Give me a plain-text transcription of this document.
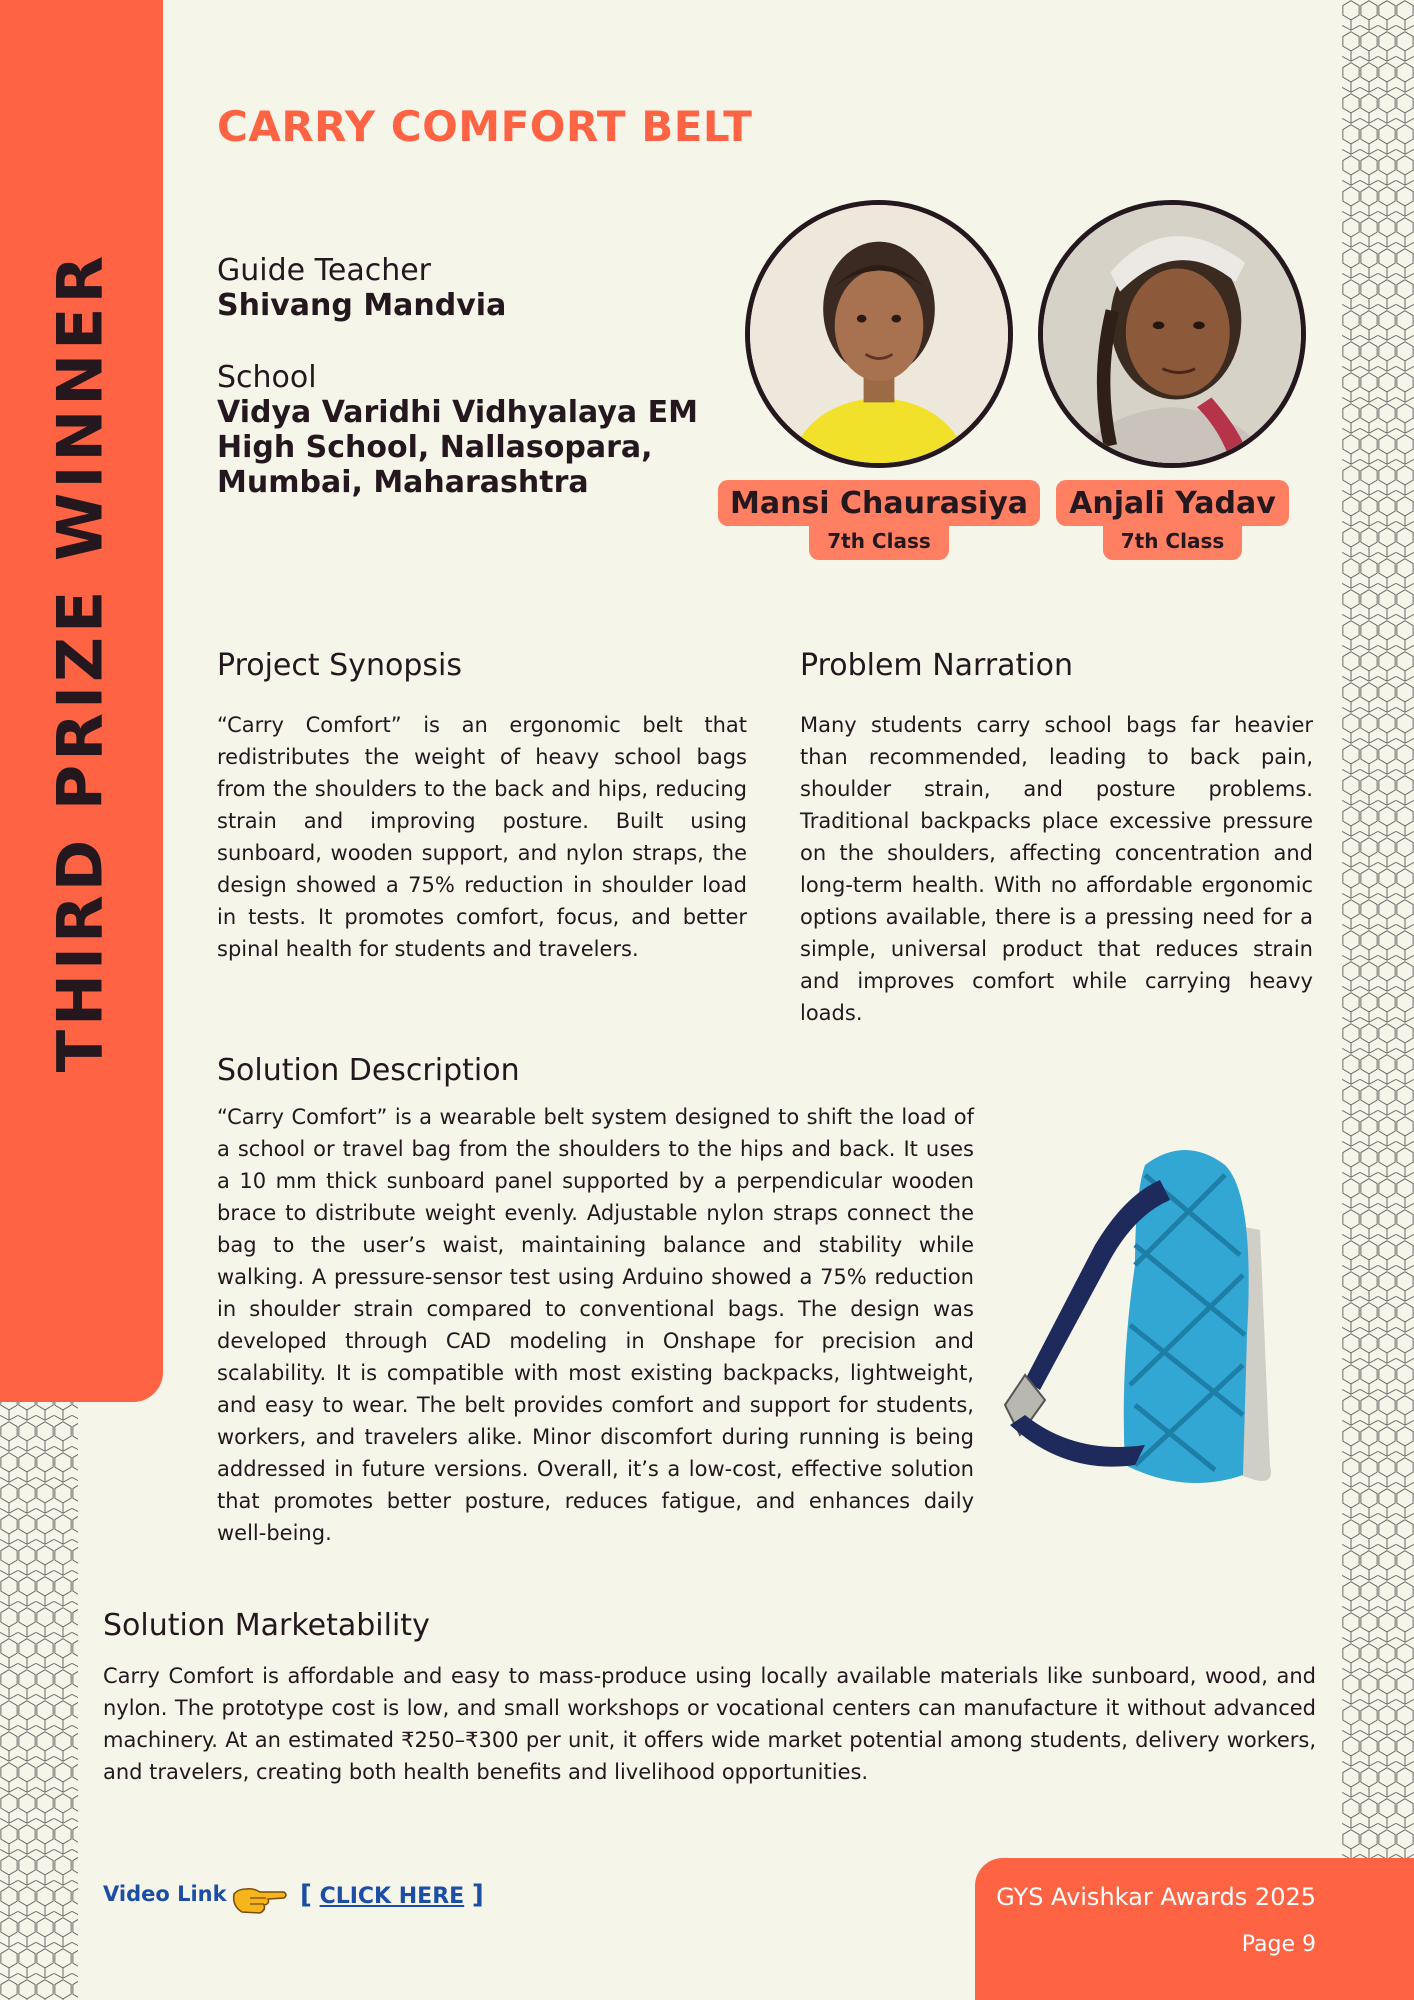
THIRD PRIZE WINNER
CARRY COMFORT BELT
Guide Teacher
Shivang Mandvia
School
Vidya Varidhi Vidhyalaya EM High School, Nallasopara, Mumbai, Maharashtra
Mansi Chaurasiya
7th Class
Anjali Yadav
7th Class
Project Synopsis
“Carry Comfort” is an ergonomic belt that redistributes the weight of heavy school bags from the shoulders to the back and hips, reducing strain and improving posture. Built using sunboard, wooden support, and nylon straps, the design showed a 75% reduction in shoulder load in tests. It promotes comfort, focus, and better spinal health for students and travelers.
Problem Narration
Many students carry school bags far heavier than recommended, leading to back pain, shoulder strain, and posture problems. Traditional backpacks place excessive pressure on the shoulders, affecting concentration and long-term health. With no affordable ergonomic options available, there is a pressing need for a simple, universal product that reduces strain and improves comfort while carrying heavy loads.
Solution Description
“Carry Comfort” is a wearable belt system designed to shift the load of a school or travel bag from the shoulders to the hips and back. It uses a 10 mm thick sunboard panel supported by a perpendicular wooden brace to distribute weight evenly. Adjustable nylon straps connect the bag to the user’s waist, maintaining balance and stability while walking. A pressure-sensor test using Arduino showed a 75% reduction in shoulder strain compared to conventional bags. The design was developed through CAD modeling in Onshape for precision and scalability. It is compatible with most existing backpacks, lightweight, and easy to wear. The belt provides comfort and support for students, workers, and travelers alike. Minor discomfort during running is being addressed in future versions. Overall, it’s a low-cost, effective solution that promotes better posture, reduces fatigue, and enhances daily well-being.
Solution Marketability
Carry Comfort is affordable and easy to mass-produce using locally available materials like sunboard, wood, and nylon. The prototype cost is low, and small workshops or vocational centers can manufacture it without advanced machinery. At an estimated ₹250–₹300 per unit, it offers wide market potential among students, delivery workers, and travelers, creating both health benefits and livelihood opportunities.
Video Link	[ CLICK HERE ]	GYS Avishkar Awards 2025
Page 9
